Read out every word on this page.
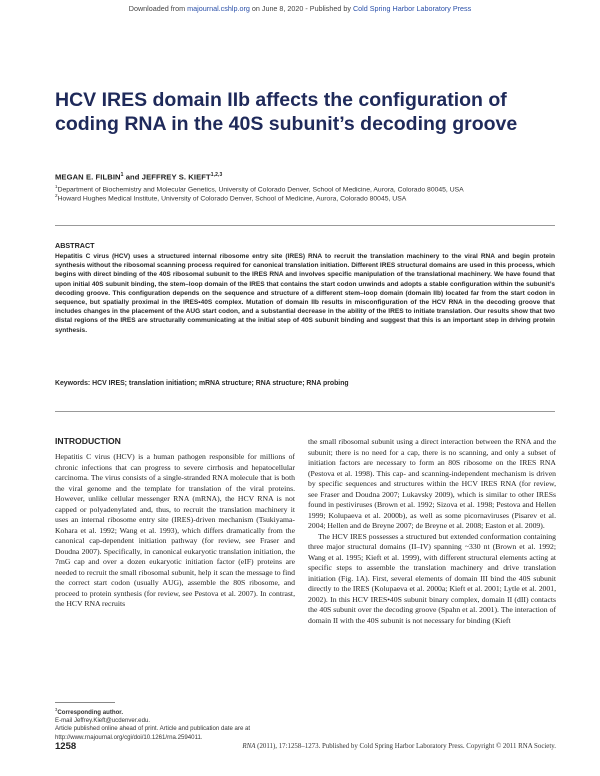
Downloaded from majournal.cshlp.org on June 8, 2020 - Published by Cold Spring Harbor Laboratory Press
HCV IRES domain IIb affects the configuration of coding RNA in the 40S subunit’s decoding groove
MEGAN E. FILBIN$^1$ and JEFFREY S. KIEFT$^{1,2,3}$
$^1$Department of Biochemistry and Molecular Genetics, University of Colorado Denver, School of Medicine, Aurora, Colorado 80045, USA
$^2$Howard Hughes Medical Institute, University of Colorado Denver, School of Medicine, Aurora, Colorado 80045, USA
ABSTRACT

Hepatitis C virus (HCV) uses a structured internal ribosome entry site (IRES) RNA to recruit the translation machinery to the viral RNA and begin protein synthesis without the ribosomal scanning process required for canonical translation initiation. Different IRES structural domains are used in this process, which begins with direct binding of the 40S ribosomal subunit to the IRES RNA and involves specific manipulation of the translational machinery. We have found that upon initial 40S subunit binding, the stem–loop domain of the IRES that contains the start codon unwinds and adopts a stable configuration within the subunit’s decoding groove. This configuration depends on the sequence and structure of a different stem–loop domain (domain IIb) located far from the start codon in sequence, but spatially proximal in the IRES•40S complex. Mutation of domain IIb results in misconfiguration of the HCV RNA in the decoding groove that includes changes in the placement of the AUG start codon, and a substantial decrease in the ability of the IRES to initiate translation. Our results show that two distal regions of the IRES are structurally communicating at the initial step of 40S subunit binding and suggest that this is an important step in driving protein synthesis.

Keywords: HCV IRES; translation initiation; mRNA structure; RNA structure; RNA probing
INTRODUCTION

Hepatitis C virus (HCV) is a human pathogen responsible for millions of chronic infections that can progress to severe cirrhosis and hepatocellular carcinoma. The virus consists of a single-stranded RNA molecule that is both the viral genome and the template for translation of the viral proteins. However, unlike cellular messenger RNA (mRNA), the HCV RNA is not capped or polyadenylated and, thus, to recruit the translation machinery it uses an internal ribosome entry site (IRES)-driven mechanism (Tsukiyama-Kohara et al. 1992; Wang et al. 1993), which differs dramatically from the canonical cap-dependent initiation pathway (for review, see Fraser and Doudna 2007). Specifically, in canonical eukaryotic translation initiation, the 7mG cap and over a dozen eukaryotic initiation factor (eIF) proteins are needed to recruit the small ribosomal subunit, help it scan the message to find the correct start codon (usually AUG), assemble the 80S ribosome, and proceed to protein synthesis (for review, see Pestova et al. 2007). In contrast, the HCV RNA recruits

the small ribosomal subunit using a direct interaction between the RNA and the subunit; there is no need for a cap, there is no scanning, and only a subset of initiation factors are necessary to form an 80S ribosome on the IRES RNA (Pestova et al. 1998). This cap- and scanning-independent mechanism is driven by specific sequences and structures within the HCV IRES RNA (for review, see Fraser and Doudna 2007; Lukavsky 2009), which is similar to other IRESs found in pestiviruses (Brown et al. 1992; Sizova et al. 1998; Pestova and Hellen 1999; Kolupaeva et al. 2000b), as well as some picornaviruses (Pisarev et al. 2004; Hellen and de Breyne 2007; de Breyne et al. 2008; Easton et al. 2009).

The HCV IRES possesses a structured but extended conformation containing three major structural domains (II–IV) spanning ~330 nt (Brown et al. 1992; Wang et al. 1995; Kieft et al. 1999), with different structural elements acting at specific steps to assemble the translation machinery and drive translation initiation (Fig. 1A). First, several elements of domain III bind the 40S subunit directly to the IRES (Kolupaeva et al. 2000a; Kieft et al. 2001; Lytle et al. 2001, 2002). In this HCV IRES•40S subunit binary complex, domain II (dII) contacts the 40S subunit over the decoding groove (Spahn et al. 2001). The interaction of domain II with the 40S subunit is not necessary for binding (Kieft

$^3$Corresponding author.
E-mail Jeffrey.Kieft@ucdenver.edu.
Article published online ahead of print. Article and publication date are at http://www.rnajournal.org/cgi/doi/10.1261/rna.2594011.
1258	RNA (2011), 17:1258–1273. Published by Cold Spring Harbor Laboratory Press. Copyright © 2011 RNA Society.
